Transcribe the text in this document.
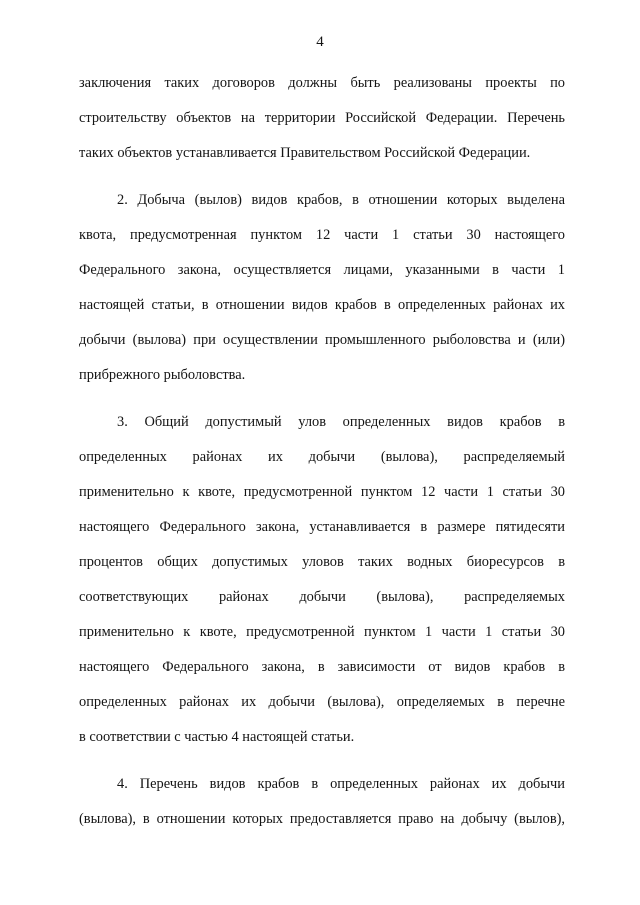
4
заключения таких договоров должны быть реализованы проекты по
строительству объектов на территории Российской Федерации. Перечень
таких объектов устанавливается Правительством Российской Федерации.
2. Добыча (вылов) видов крабов, в отношении которых выделена
квота, предусмотренная пунктом 12 части 1 статьи 30 настоящего
Федерального закона, осуществляется лицами, указанными в части 1
настоящей статьи, в отношении видов крабов в определенных районах их
добычи (вылова) при осуществлении промышленного рыболовства и (или)
прибрежного рыболовства.
3. Общий допустимый улов определенных видов крабов в
определенных районах их добычи (вылова), распределяемый
применительно к квоте, предусмотренной пунктом 12 части 1 статьи 30
настоящего Федерального закона, устанавливается в размере пятидесяти
процентов общих допустимых уловов таких водных биоресурсов в
соответствующих районах добычи (вылова), распределяемых
применительно к квоте, предусмотренной пунктом 1 части 1 статьи 30
настоящего Федерального закона, в зависимости от видов крабов в
определенных районах их добычи (вылова), определяемых в перечне
в соответствии с частью 4 настоящей статьи.
4. Перечень видов крабов в определенных районах их добычи
(вылова), в отношении которых предоставляется право на добычу (вылов),
